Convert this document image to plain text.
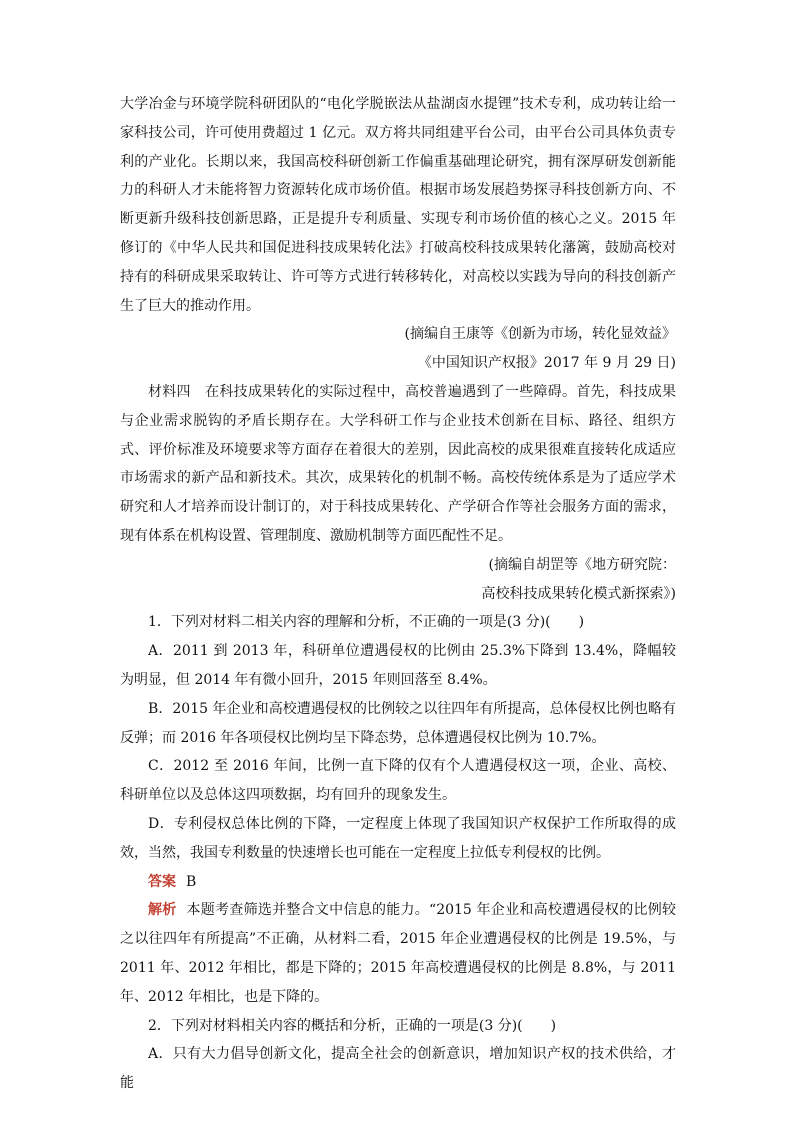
大学冶金与环境学院科研团队的“电化学脱嵌法从盐湖卤水提锂”技术专利，成功转让给一家科技公司，许可使用费超过 1 亿元。双方将共同组建平台公司，由平台公司具体负责专利的产业化。长期以来，我国高校科研创新工作偏重基础理论研究，拥有深厚研发创新能力的科研人才未能将智力资源转化成市场价值。根据市场发展趋势探寻科技创新方向、不断更新升级科技创新思路，正是提升专利质量、实现专利市场价值的核心之义。2015 年修订的《中华人民共和国促进科技成果转化法》打破高校科技成果转化藩篱，鼓励高校对持有的科研成果采取转让、许可等方式进行转移转化，对高校以实践为导向的科技创新产生了巨大的推动作用。

(摘编自王康等《创新为市场，转化显效益》

《中国知识产权报》2017 年 9 月 29 日)

材料四　在科技成果转化的实际过程中，高校普遍遇到了一些障碍。首先，科技成果与企业需求脱钩的矛盾长期存在。大学科研工作与企业技术创新在目标、路径、组织方式、评价标准及环境要求等方面存在着很大的差别，因此高校的成果很难直接转化成适应市场需求的新产品和新技术。其次，成果转化的机制不畅。高校传统体系是为了适应学术研究和人才培养而设计制订的，对于科技成果转化、产学研合作等社会服务方面的需求，现有体系在机构设置、管理制度、激励机制等方面匹配性不足。

(摘编自胡罡等《地方研究院：

高校科技成果转化模式新探索》)

1．下列对材料二相关内容的理解和分析，不正确的一项是(3 分)(　　)

A．2011 到 2013 年，科研单位遭遇侵权的比例由 25.3%下降到 13.4%，降幅较为明显，但 2014 年有微小回升，2015 年则回落至 8.4%。

B．2015 年企业和高校遭遇侵权的比例较之以往四年有所提高，总体侵权比例也略有反弹；而 2016 年各项侵权比例均呈下降态势，总体遭遇侵权比例为 10.7%。

C．2012 至 2016 年间，比例一直下降的仅有个人遭遇侵权这一项，企业、高校、科研单位以及总体这四项数据，均有回升的现象发生。

D．专利侵权总体比例的下降，一定程度上体现了我国知识产权保护工作所取得的成效，当然，我国专利数量的快速增长也可能在一定程度上拉低专利侵权的比例。

答案 B

解析 本题考查筛选并整合文中信息的能力。“2015 年企业和高校遭遇侵权的比例较之以往四年有所提高”不正确，从材料二看，2015 年企业遭遇侵权的比例是 19.5%，与 2011 年、2012 年相比，都是下降的；2015 年高校遭遇侵权的比例是 8.8%，与 2011 年、2012 年相比，也是下降的。

2．下列对材料相关内容的概括和分析，正确的一项是(3 分)(　　)

A．只有大力倡导创新文化，提高全社会的创新意识，增加知识产权的技术供给，才能
